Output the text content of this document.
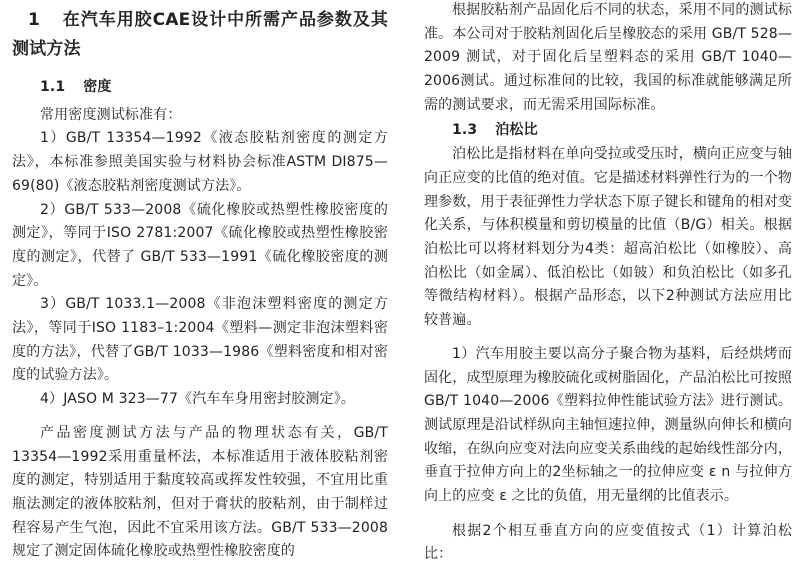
1 在汽车用胶CAE设计中所需产品参数及其测试方法
1.1 密度

常用密度测试标准有：

1）GB/T 13354—1992《液态胶粘剂密度的测定方法》，本标准参照美国实验与材料协会标准ASTM DI875—69(80)《液态胶粘剂密度测试方法》。

2）GB/T 533—2008《硫化橡胶或热塑性橡胶密度的测定》，等同于ISO 2781:2007《硫化橡胶或热塑性橡胶密度的测定》，代替了 GB/T 533—1991《硫化橡胶密度的测定》。

3）GB/T 1033.1—2008《非泡沫塑料密度的测定方法》，等同于ISO 1183–1:2004《塑料—测定非泡沫塑料密度的方法》，代替了GB/T 1033—1986《塑料密度和相对密度的试验方法》。

4）JASO M 323—77《汽车车身用密封胶测定》。

产品密度测试方法与产品的物理状态有关，GB/T 13354—1992采用重量杯法，本标准适用于液体胶粘剂密度的测定，特别适用于黏度较高或挥发性较强，不宜用比重瓶法测定的液体胶粘剂，但对于膏状的胶粘剂，由于制样过程容易产生气泡，因此不宜采用该方法。GB/T 533—2008规定了测定固体硫化橡胶或热塑性橡胶密度的

根据胶粘剂产品固化后不同的状态，采用不同的测试标准。本公司对于胶粘剂固化后呈橡胶态的采用 GB/T 528—2009 测试，对于固化后呈塑料态的采用 GB/T 1040—2006测试。通过标准间的比较，我国的标准就能够满足所需的测试要求，而无需采用国际标准。

1.3 泊松比

泊松比是指材料在单向受拉或受压时，横向正应变与轴向正应变的比值的绝对值。它是描述材料弹性行为的一个物理参数，用于表征弹性力学状态下原子键长和键角的相对变化关系，与体积模量和剪切模量的比值（B/G）相关。根据泊松比可以将材料划分为4类：超高泊松比（如橡胶）、高泊松比（如金属）、低泊松比（如铍）和负泊松比（如多孔等微结构材料）。根据产品形态，以下2种测试方法应用比较普遍。

1）汽车用胶主要以高分子聚合物为基料，后经烘烤而固化，成型原理为橡胶硫化或树脂固化，产品泊松比可按照 GB/T 1040—2006《塑料拉伸性能试验方法》进行测试。测试原理是沿试样纵向主轴恒速拉伸，测量纵向伸长和横向收缩，在纵向应变对法向应变关系曲线的起始线性部分内，垂直于拉伸方向上的2坐标轴之一的拉伸应变 ε n 与拉伸方向上的应变 ε 之比的负值，用无量纲的比值表示。

根据2个相互垂直方向的应变值按式（1）计算泊松比：
